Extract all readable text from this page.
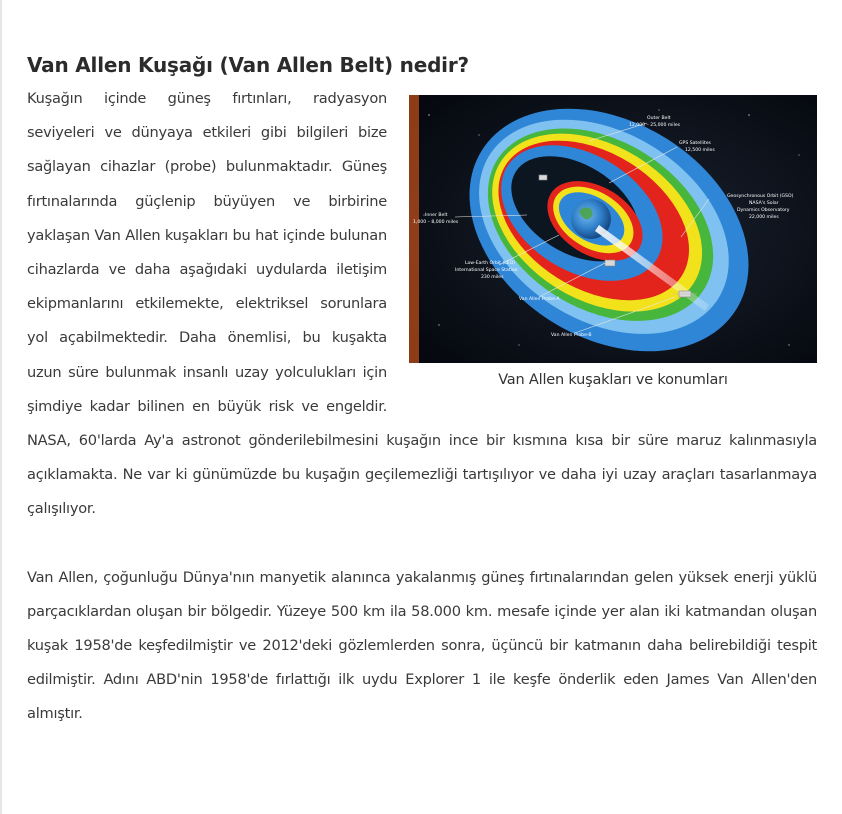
Van Allen Kuşağı (Van Allen Belt) nedir?
Outer Belt
12,000 – 25,000 miles
GPS Satellites
12,500 miles
Geosynchronous Orbit (GSO)
NASA's Solar
Dynamics Observatory
22,000 miles
Inner Belt
1,000 – 8,000 miles
Low-Earth Orbit (LEO)
International Space Station
230 miles
Van Allen Probe-A
Van Allen Probe-B
Van Allen kuşakları ve konumları

Kuşağın içinde güneş fırtınları, radyasyon seviyeleri ve dünyaya etkileri gibi bilgileri bize sağlayan cihazlar (probe) bulunmaktadır. Güneş fırtınalarında güçlenip büyüyen ve birbirine yaklaşan Van Allen kuşakları bu hat içinde bulunan cihazlarda ve daha aşağıdaki uydularda iletişim ekipmanlarını etkilemekte, elektriksel sorunlara yol açabilmektedir. Daha önemlisi, bu kuşakta uzun süre bulunmak insanlı uzay yolculukları için şimdiye kadar bilinen en büyük risk ve engeldir. NASA, 60'larda Ay'a astronot gönderilebilmesini kuşağın ince bir kısmına kısa bir süre maruz kalınmasıyla açıklamakta. Ne var ki günümüzde bu kuşağın geçilemezliği tartışılıyor ve daha iyi uzay araçları tasarlanmaya çalışılıyor.

Van Allen, çoğunluğu Dünya'nın manyetik alanınca yakalanmış güneş fırtınalarından gelen yüksek enerji yüklü parçacıklardan oluşan bir bölgedir. Yüzeye 500 km ila 58.000 km. mesafe içinde yer alan iki katmandan oluşan kuşak 1958'de keşfedilmiştir ve 2012'deki gözlemlerden sonra, üçüncü bir katmanın daha belirebildiği tespit edilmiştir. Adını ABD'nin 1958'de fırlattığı ilk uydu Explorer 1 ile keşfe önderlik eden James Van Allen'den almıştır.
